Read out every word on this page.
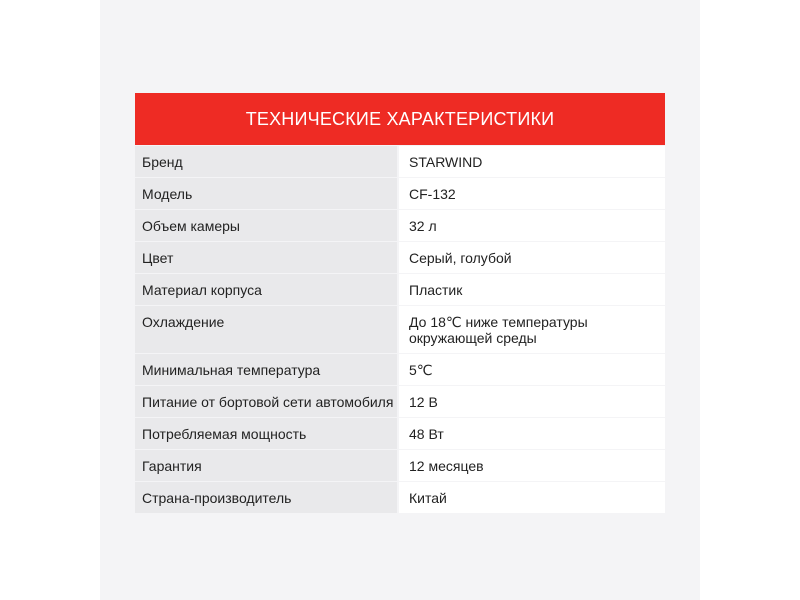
ТЕХНИЧЕСКИЕ ХАРАКТЕРИСТИКИ
Бренд	STARWIND
Модель	CF-132
Объем камеры	32 л
Цвет	Серый, голубой
Материал корпуса	Пластик
Охлаждение	До 18℃ ниже температуры окружающей среды
Минимальная температура	5℃
Питание от бортовой сети автомобиля	12 В
Потребляемая мощность	48 Вт
Гарантия	12 месяцев
Страна-производитель	Китай
